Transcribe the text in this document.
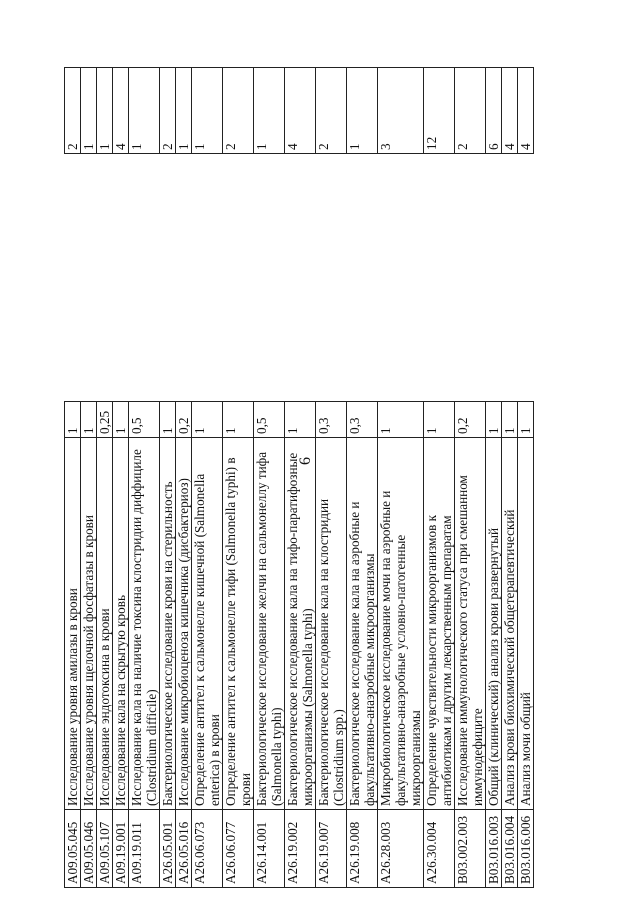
6
A09.05.045	Исследование уровня амилазы в крови	1		2
A09.05.046	Исследование уровня щелочной фосфатазы в крови	1		1
A09.05.107	Исследование эндотоксина в крови	0,25		1
A09.19.001	Исследование кала на скрытую кровь	1		4
A09.19.011	Исследование кала на наличие токсина клостридии диффициле (Clostridium difficile)	0,5		1
A26.05.001	Бактериологическое исследование крови на стерильность	1		2
A26.05.016	Исследование микробиоценоза кишечника (дисбактериоз)	0,2		1
A26.06.073	Определение антител к сальмонелле кишечной (Salmonella enterica) в крови	1		1
A26.06.077	Определение антител к сальмонелле тифи (Salmonella typhi) в крови	1		2
A26.14.001	Бактериологическое исследование желчи на сальмонеллу тифа (Salmonella typhi)	0,5		1
A26.19.002	Бактериологическое исследование кала на тифо-паратифозные микроорганизмы (Salmonella typhi)	1		4
A26.19.007	Бактериологическое исследование кала на клостридии (Clostridium spp.)	0,3		2
A26.19.008	Бактериологическое исследование кала на аэробные и факультативно-анаэробные микроорганизмы	0,3		1
A26.28.003	Микробиологическое исследование мочи на аэробные и факультативно-анаэробные условно-патогенные микроорганизмы	1		3
A26.30.004	Определение чувствительности микроорганизмов к антибиотикам и другим лекарственным препаратам	1		12
B03.002.003	Исследование иммунологического статуса при смешанном иммунодефиците	0,2		2
B03.016.003	Общий (клинический) анализ крови развернутый	1		6
B03.016.004	Анализ крови биохимический общетерапевтический	1		4
B03.016.006	Анализ мочи общий	1		4
